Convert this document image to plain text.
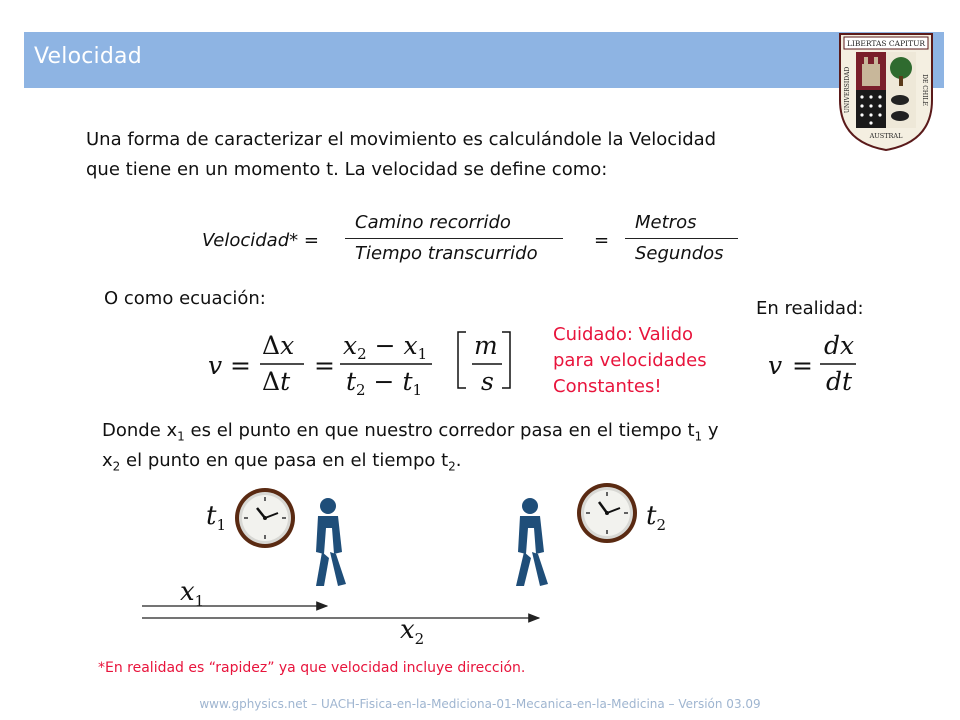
Velocidad
LIBERTAS CAPITUR
UNIVERSIDAD	DE CHILE
AUSTRAL
Una forma de caracterizar el movimiento es calculándole la Velocidad
que tiene en un momento t. La velocidad se define como:
Velocidad* =
Camino recorrido
Tiempo transcurrido
=
Metros
Segundos
O como ecuación:	En realidad:
v =
Δx
Δt
=
$x_2 - x_1$
$t_2 - t_1$
m
s
Cuidado: Valido
para velocidades
Constantes!
v =
dx
dt
Donde $x_1$ es el punto en que nuestro corredor pasa en el tiempo $t_1$ y
$x_2$ el punto en que pasa en el tiempo $t_2$.
$t_1$	$t_2$
$x_1$
$x_2$
*En realidad es “rapidez” ya que velocidad incluye dirección.
www.gphysics.net – UACH-Fisica-en-la-Mediciona-01-Mecanica-en-la-Medicina – Versión 03.09
